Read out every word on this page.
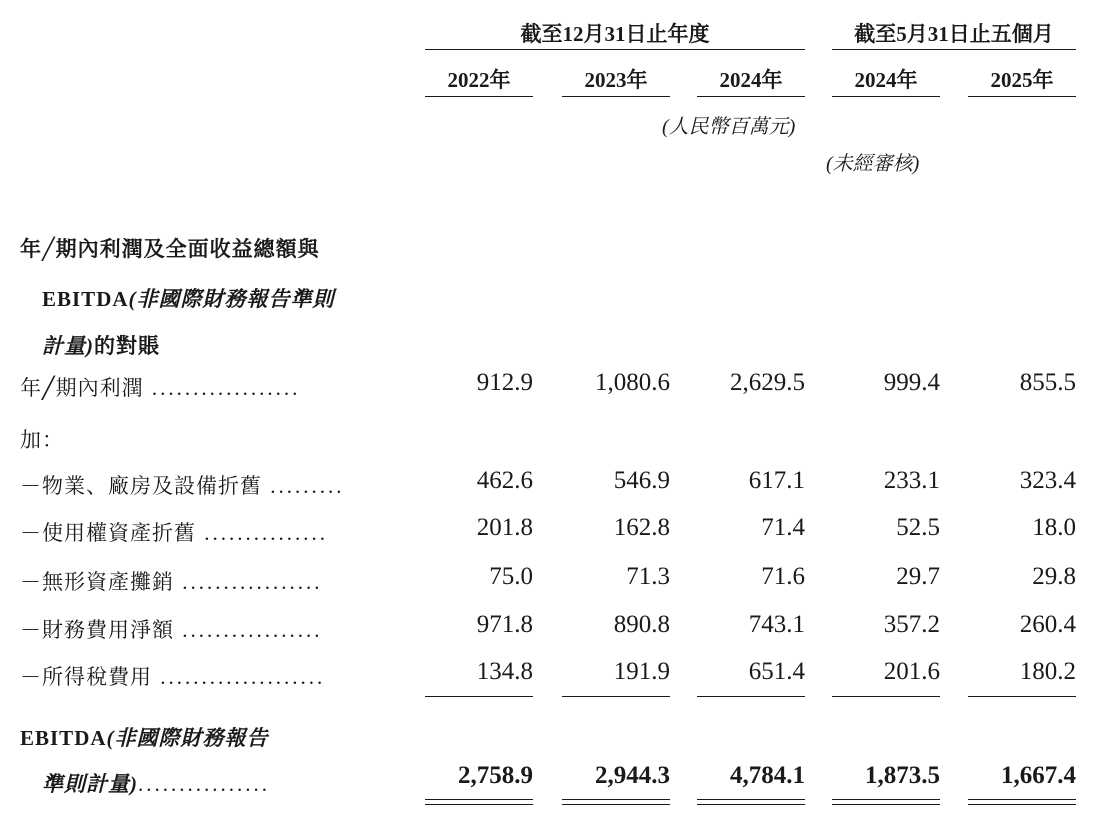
截至12月31日止年度	截至5月31日止五個月
2022年	2023年	2024年	2024年	2025年
(人民幣百萬元)
(未經審核)
年╱期內利潤及全面收益總額與
EBITDA(非國際財務報告準則
計量)的對賬
年╱期內利潤 ..................	912.9	1,080.6	2,629.5	999.4	855.5
加：
－物業、廠房及設備折舊 .........	462.6	546.9	617.1	233.1	323.4
－使用權資產折舊 ...............	201.8	162.8	71.4	52.5	18.0
－無形資產攤銷 .................	75.0	71.3	71.6	29.7	29.8
－財務費用淨額 .................	971.8	890.8	743.1	357.2	260.4
－所得稅費用 ....................	134.8	191.9	651.4	201.6	180.2
EBITDA(非國際財務報告
準則計量)................	2,758.9	2,944.3	4,784.1	1,873.5	1,667.4
